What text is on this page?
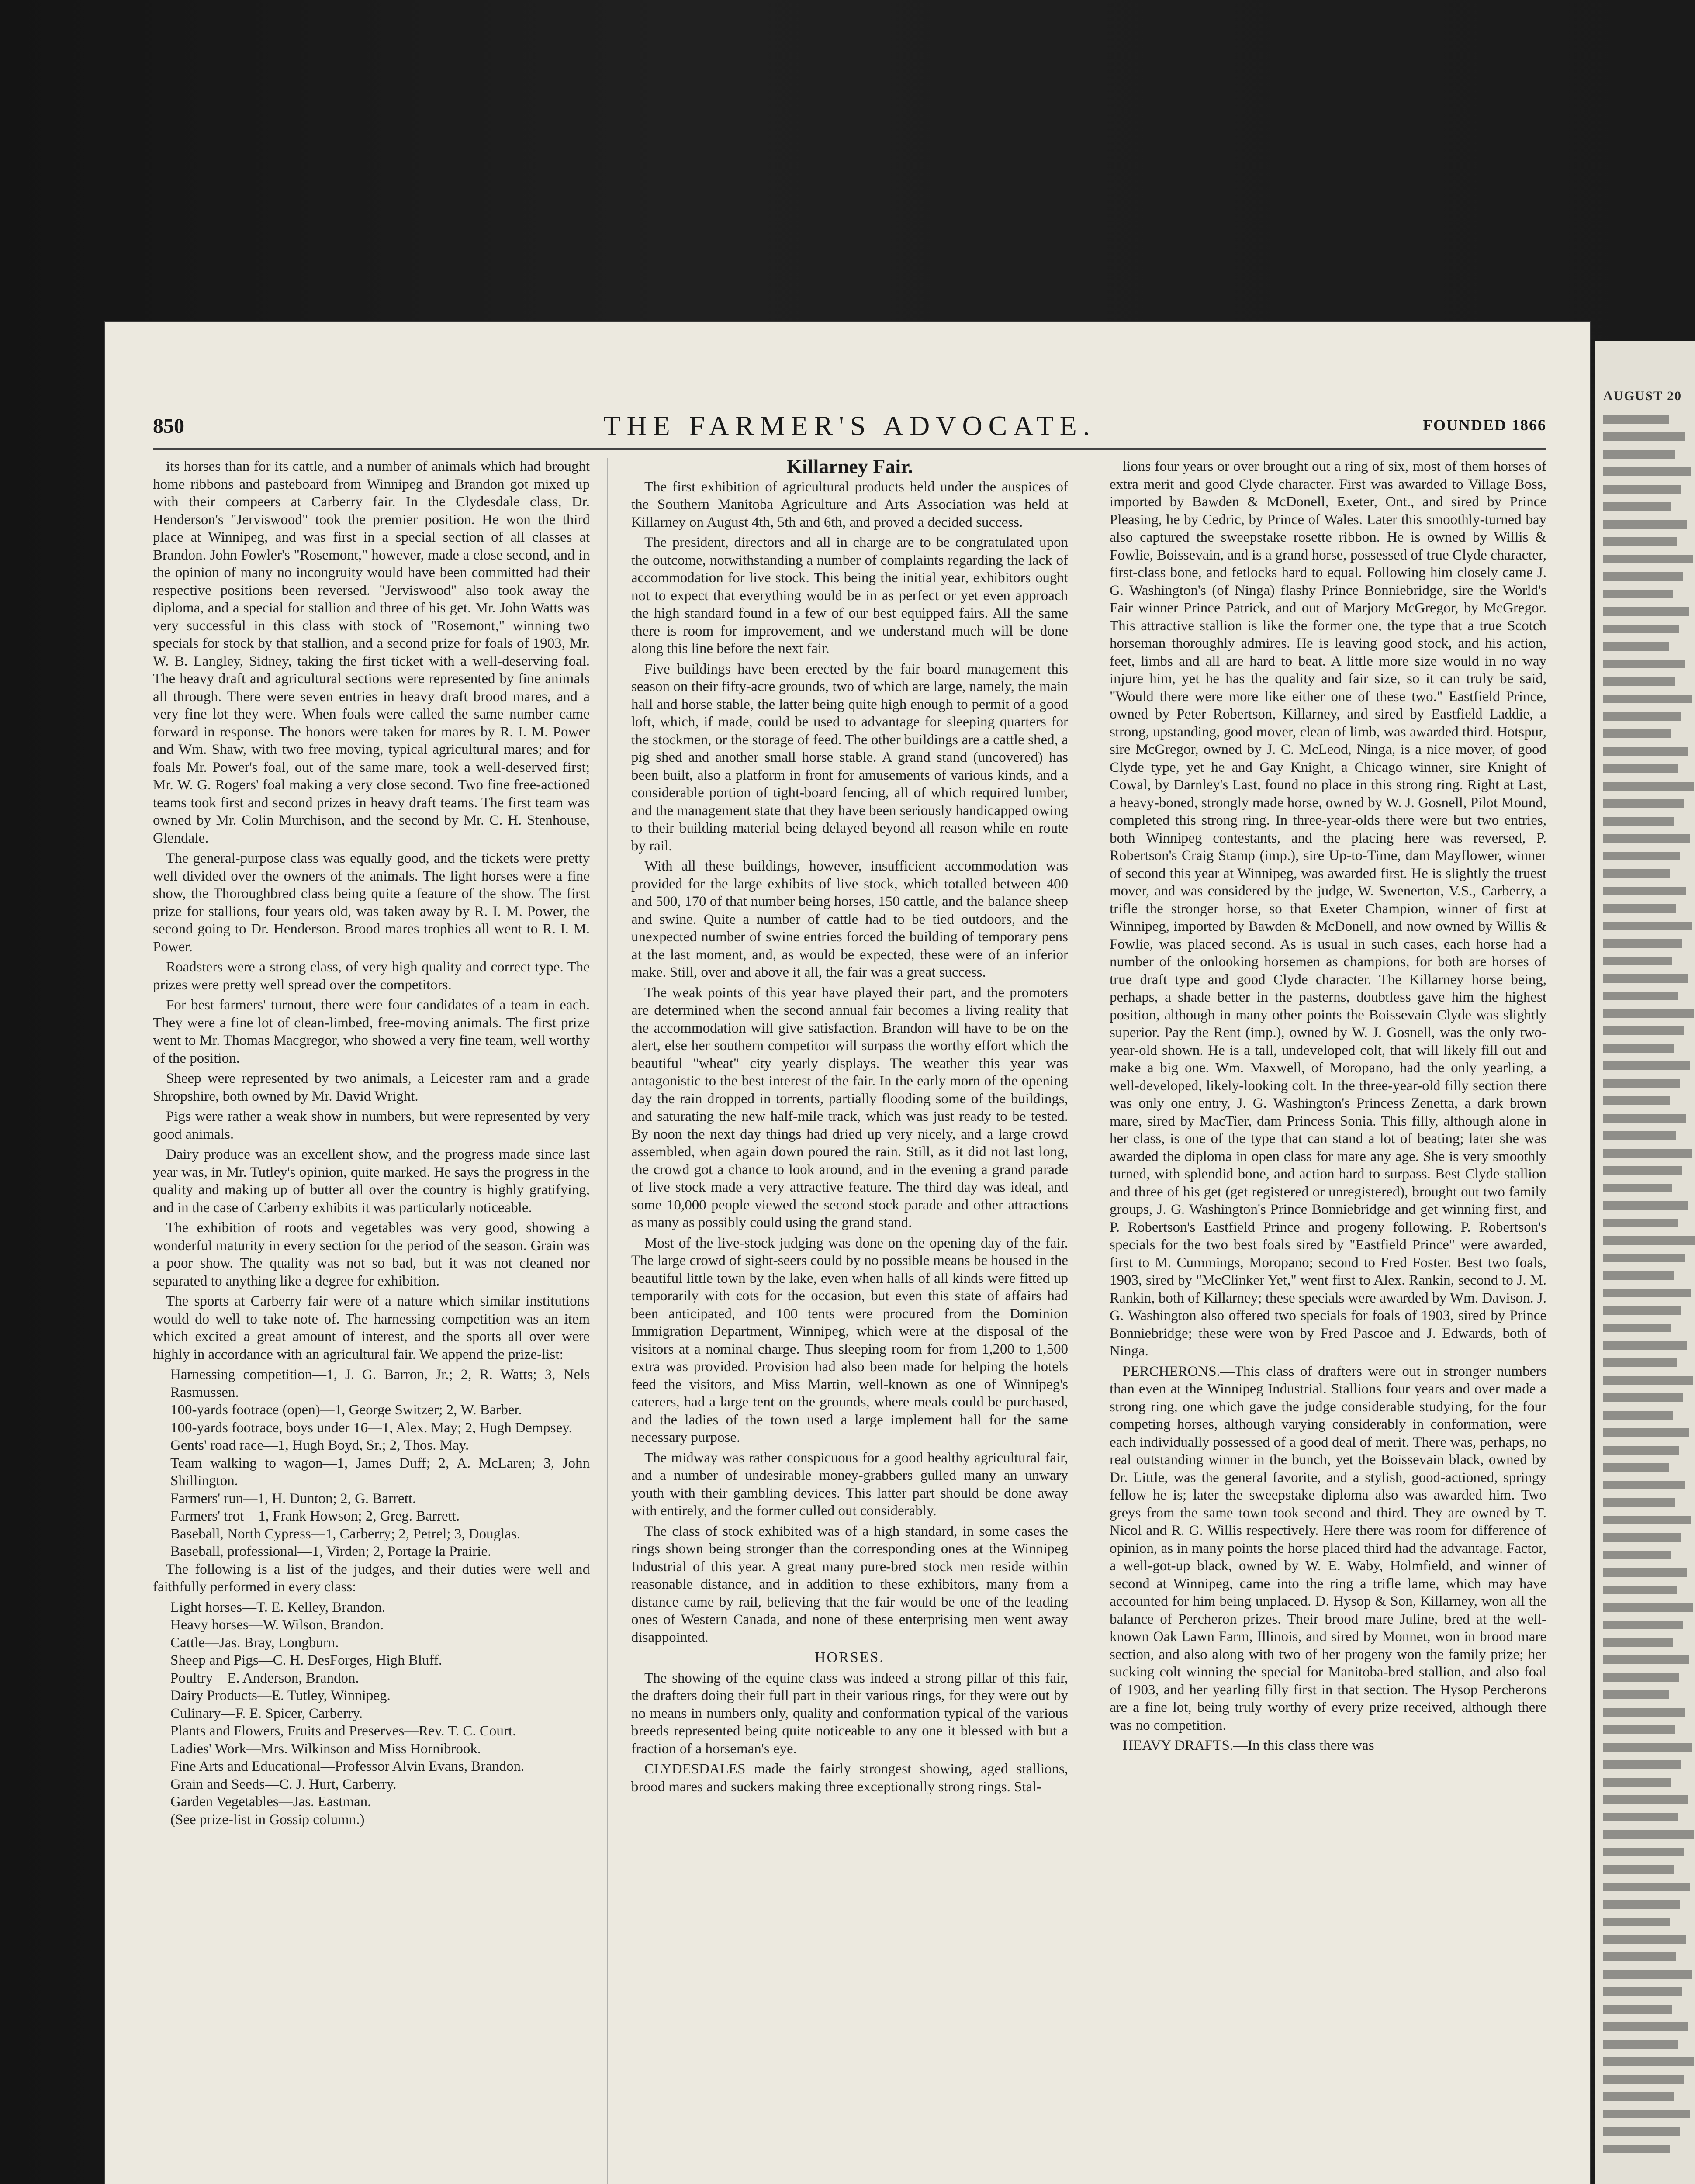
AUGUST 20
850	THE FARMER'S ADVOCATE.	FOUNDED 1866

its horses than for its cattle, and a number of animals which had brought home ribbons and pasteboard from Winnipeg and Brandon got mixed up with their compeers at Carberry fair. In the Clydesdale class, Dr. Henderson's "Jerviswood" took the premier position. He won the third place at Winnipeg, and was first in a special section of all classes at Brandon. John Fowler's "Rosemont," however, made a close second, and in the opinion of many no incongruity would have been committed had their respective positions been reversed. "Jerviswood" also took away the diploma, and a special for stallion and three of his get. Mr. John Watts was very successful in this class with stock of "Rosemont," winning two specials for stock by that stallion, and a second prize for foals of 1903, Mr. W. B. Langley, Sidney, taking the first ticket with a well-deserving foal. The heavy draft and agricultural sections were represented by fine animals all through. There were seven entries in heavy draft brood mares, and a very fine lot they were. When foals were called the same number came forward in response. The honors were taken for mares by R. I. M. Power and Wm. Shaw, with two free moving, typical agricultural mares; and for foals Mr. Power's foal, out of the same mare, took a well-deserved first; Mr. W. G. Rogers' foal making a very close second. Two fine free-actioned teams took first and second prizes in heavy draft teams. The first team was owned by Mr. Colin Murchison, and the second by Mr. C. H. Stenhouse, Glendale.

The general-purpose class was equally good, and the tickets were pretty well divided over the owners of the animals. The light horses were a fine show, the Thoroughbred class being quite a feature of the show. The first prize for stallions, four years old, was taken away by R. I. M. Power, the second going to Dr. Henderson. Brood mares trophies all went to R. I. M. Power.

Roadsters were a strong class, of very high quality and correct type. The prizes were pretty well spread over the competitors.

For best farmers' turnout, there were four candidates of a team in each. They were a fine lot of clean-limbed, free-moving animals. The first prize went to Mr. Thomas Macgregor, who showed a very fine team, well worthy of the position.

Sheep were represented by two animals, a Leicester ram and a grade Shropshire, both owned by Mr. David Wright.

Pigs were rather a weak show in numbers, but were represented by very good animals.

Dairy produce was an excellent show, and the progress made since last year was, in Mr. Tutley's opinion, quite marked. He says the progress in the quality and making up of butter all over the country is highly gratifying, and in the case of Carberry exhibits it was particularly noticeable.

The exhibition of roots and vegetables was very good, showing a wonderful maturity in every section for the period of the season. Grain was a poor show. The quality was not so bad, but it was not cleaned nor separated to anything like a degree for exhibition.

The sports at Carberry fair were of a nature which similar institutions would do well to take note of. The harnessing competition was an item which excited a great amount of interest, and the sports all over were highly in accordance with an agricultural fair. We append the prize-list:

Harnessing competition—1, J. G. Barron, Jr.; 2, R. Watts; 3, Nels Rasmussen.

100-yards footrace (open)—1, George Switzer; 2, W. Barber.

100-yards footrace, boys under 16—1, Alex. May; 2, Hugh Dempsey.

Gents' road race—1, Hugh Boyd, Sr.; 2, Thos. May.

Team walking to wagon—1, James Duff; 2, A. McLaren; 3, John Shillington.

Farmers' run—1, H. Dunton; 2, G. Barrett.

Farmers' trot—1, Frank Howson; 2, Greg. Barrett.

Baseball, North Cypress—1, Carberry; 2, Petrel; 3, Douglas.

Baseball, professional—1, Virden; 2, Portage la Prairie.

The following is a list of the judges, and their duties were well and faithfully performed in every class:

Light horses—T. E. Kelley, Brandon.

Heavy horses—W. Wilson, Brandon.

Cattle—Jas. Bray, Longburn.

Sheep and Pigs—C. H. DesForges, High Bluff.

Poultry—E. Anderson, Brandon.

Dairy Products—E. Tutley, Winnipeg.

Culinary—F. E. Spicer, Carberry.

Plants and Flowers, Fruits and Preserves—Rev. T. C. Court.

Ladies' Work—Mrs. Wilkinson and Miss Hornibrook.

Fine Arts and Educational—Professor Alvin Evans, Brandon.

Grain and Seeds—C. J. Hurt, Carberry.

Garden Vegetables—Jas. Eastman.

(See prize-list in Gossip column.)

Killarney Fair.

The first exhibition of agricultural products held under the auspices of the Southern Manitoba Agriculture and Arts Association was held at Killarney on August 4th, 5th and 6th, and proved a decided success.

The president, directors and all in charge are to be congratulated upon the outcome, notwithstanding a number of complaints regarding the lack of accommodation for live stock. This being the initial year, exhibitors ought not to expect that everything would be in as perfect or yet even approach the high standard found in a few of our best equipped fairs. All the same there is room for improvement, and we understand much will be done along this line before the next fair.

Five buildings have been erected by the fair board management this season on their fifty-acre grounds, two of which are large, namely, the main hall and horse stable, the latter being quite high enough to permit of a good loft, which, if made, could be used to advantage for sleeping quarters for the stockmen, or the storage of feed. The other buildings are a cattle shed, a pig shed and another small horse stable. A grand stand (uncovered) has been built, also a platform in front for amusements of various kinds, and a considerable portion of tight-board fencing, all of which required lumber, and the management state that they have been seriously handicapped owing to their building material being delayed beyond all reason while en route by rail.

With all these buildings, however, insufficient accommodation was provided for the large exhibits of live stock, which totalled between 400 and 500, 170 of that number being horses, 150 cattle, and the balance sheep and swine. Quite a number of cattle had to be tied outdoors, and the unexpected number of swine entries forced the building of temporary pens at the last moment, and, as would be expected, these were of an inferior make. Still, over and above it all, the fair was a great success.

The weak points of this year have played their part, and the promoters are determined when the second annual fair becomes a living reality that the accommodation will give satisfaction. Brandon will have to be on the alert, else her southern competitor will surpass the worthy effort which the beautiful "wheat" city yearly displays. The weather this year was antagonistic to the best interest of the fair. In the early morn of the opening day the rain dropped in torrents, partially flooding some of the buildings, and saturating the new half-mile track, which was just ready to be tested. By noon the next day things had dried up very nicely, and a large crowd assembled, when again down poured the rain. Still, as it did not last long, the crowd got a chance to look around, and in the evening a grand parade of live stock made a very attractive feature. The third day was ideal, and some 10,000 people viewed the second stock parade and other attractions as many as possibly could using the grand stand.

Most of the live-stock judging was done on the opening day of the fair. The large crowd of sight-seers could by no possible means be housed in the beautiful little town by the lake, even when halls of all kinds were fitted up temporarily with cots for the occasion, but even this state of affairs had been anticipated, and 100 tents were procured from the Dominion Immigration Department, Winnipeg, which were at the disposal of the visitors at a nominal charge. Thus sleeping room for from 1,200 to 1,500 extra was provided. Provision had also been made for helping the hotels feed the visitors, and Miss Martin, well-known as one of Winnipeg's caterers, had a large tent on the grounds, where meals could be purchased, and the ladies of the town used a large implement hall for the same necessary purpose.

The midway was rather conspicuous for a good healthy agricultural fair, and a number of undesirable money-grabbers gulled many an unwary youth with their gambling devices. This latter part should be done away with entirely, and the former culled out considerably.

The class of stock exhibited was of a high standard, in some cases the rings shown being stronger than the corresponding ones at the Winnipeg Industrial of this year. A great many pure-bred stock men reside within reasonable distance, and in addition to these exhibitors, many from a distance came by rail, believing that the fair would be one of the leading ones of Western Canada, and none of these enterprising men went away disappointed.

HORSES.

The showing of the equine class was indeed a strong pillar of this fair, the drafters doing their full part in their various rings, for they were out by no means in numbers only, quality and conformation typical of the various breeds represented being quite noticeable to any one it blessed with but a fraction of a horseman's eye.

CLYDESDALES made the fairly strongest showing, aged stallions, brood mares and suckers making three exceptionally strong rings. Stal-

lions four years or over brought out a ring of six, most of them horses of extra merit and good Clyde character. First was awarded to Village Boss, imported by Bawden & McDonell, Exeter, Ont., and sired by Prince Pleasing, he by Cedric, by Prince of Wales. Later this smoothly-turned bay also captured the sweepstake rosette ribbon. He is owned by Willis & Fowlie, Boissevain, and is a grand horse, possessed of true Clyde character, first-class bone, and fetlocks hard to equal. Following him closely came J. G. Washington's (of Ninga) flashy Prince Bonniebridge, sire the World's Fair winner Prince Patrick, and out of Marjory McGregor, by McGregor. This attractive stallion is like the former one, the type that a true Scotch horseman thoroughly admires. He is leaving good stock, and his action, feet, limbs and all are hard to beat. A little more size would in no way injure him, yet he has the quality and fair size, so it can truly be said, "Would there were more like either one of these two." Eastfield Prince, owned by Peter Robertson, Killarney, and sired by Eastfield Laddie, a strong, upstanding, good mover, clean of limb, was awarded third. Hotspur, sire McGregor, owned by J. C. McLeod, Ninga, is a nice mover, of good Clyde type, yet he and Gay Knight, a Chicago winner, sire Knight of Cowal, by Darnley's Last, found no place in this strong ring. Right at Last, a heavy-boned, strongly made horse, owned by W. J. Gosnell, Pilot Mound, completed this strong ring. In three-year-olds there were but two entries, both Winnipeg contestants, and the placing here was reversed, P. Robertson's Craig Stamp (imp.), sire Up-to-Time, dam Mayflower, winner of second this year at Winnipeg, was awarded first. He is slightly the truest mover, and was considered by the judge, W. Swenerton, V.S., Carberry, a trifle the stronger horse, so that Exeter Champion, winner of first at Winnipeg, imported by Bawden & McDonell, and now owned by Willis & Fowlie, was placed second. As is usual in such cases, each horse had a number of the onlooking horsemen as champions, for both are horses of true draft type and good Clyde character. The Killarney horse being, perhaps, a shade better in the pasterns, doubtless gave him the highest position, although in many other points the Boissevain Clyde was slightly superior. Pay the Rent (imp.), owned by W. J. Gosnell, was the only two-year-old shown. He is a tall, undeveloped colt, that will likely fill out and make a big one. Wm. Maxwell, of Moropano, had the only yearling, a well-developed, likely-looking colt. In the three-year-old filly section there was only one entry, J. G. Washington's Princess Zenetta, a dark brown mare, sired by MacTier, dam Princess Sonia. This filly, although alone in her class, is one of the type that can stand a lot of beating; later she was awarded the diploma in open class for mare any age. She is very smoothly turned, with splendid bone, and action hard to surpass. Best Clyde stallion and three of his get (get registered or unregistered), brought out two family groups, J. G. Washington's Prince Bonniebridge and get winning first, and P. Robertson's Eastfield Prince and progeny following. P. Robertson's specials for the two best foals sired by "Eastfield Prince" were awarded, first to M. Cummings, Moropano; second to Fred Foster. Best two foals, 1903, sired by "McClinker Yet," went first to Alex. Rankin, second to J. M. Rankin, both of Killarney; these specials were awarded by Wm. Davison. J. G. Washington also offered two specials for foals of 1903, sired by Prince Bonniebridge; these were won by Fred Pascoe and J. Edwards, both of Ninga.

PERCHERONS.—This class of drafters were out in stronger numbers than even at the Winnipeg Industrial. Stallions four years and over made a strong ring, one which gave the judge considerable studying, for the four competing horses, although varying considerably in conformation, were each individually possessed of a good deal of merit. There was, perhaps, no real outstanding winner in the bunch, yet the Boissevain black, owned by Dr. Little, was the general favorite, and a stylish, good-actioned, springy fellow he is; later the sweepstake diploma also was awarded him. Two greys from the same town took second and third. They are owned by T. Nicol and R. G. Willis respectively. Here there was room for difference of opinion, as in many points the horse placed third had the advantage. Factor, a well-got-up black, owned by W. E. Waby, Holmfield, and winner of second at Winnipeg, came into the ring a trifle lame, which may have accounted for him being unplaced. D. Hysop & Son, Killarney, won all the balance of Percheron prizes. Their brood mare Juline, bred at the well-known Oak Lawn Farm, Illinois, and sired by Monnet, won in brood mare section, and also along with two of her progeny won the family prize; her sucking colt winning the special for Manitoba-bred stallion, and also foal of 1903, and her yearling filly first in that section. The Hysop Percherons are a fine lot, being truly worthy of every prize received, although there was no competition.

HEAVY DRAFTS.—In this class there was
